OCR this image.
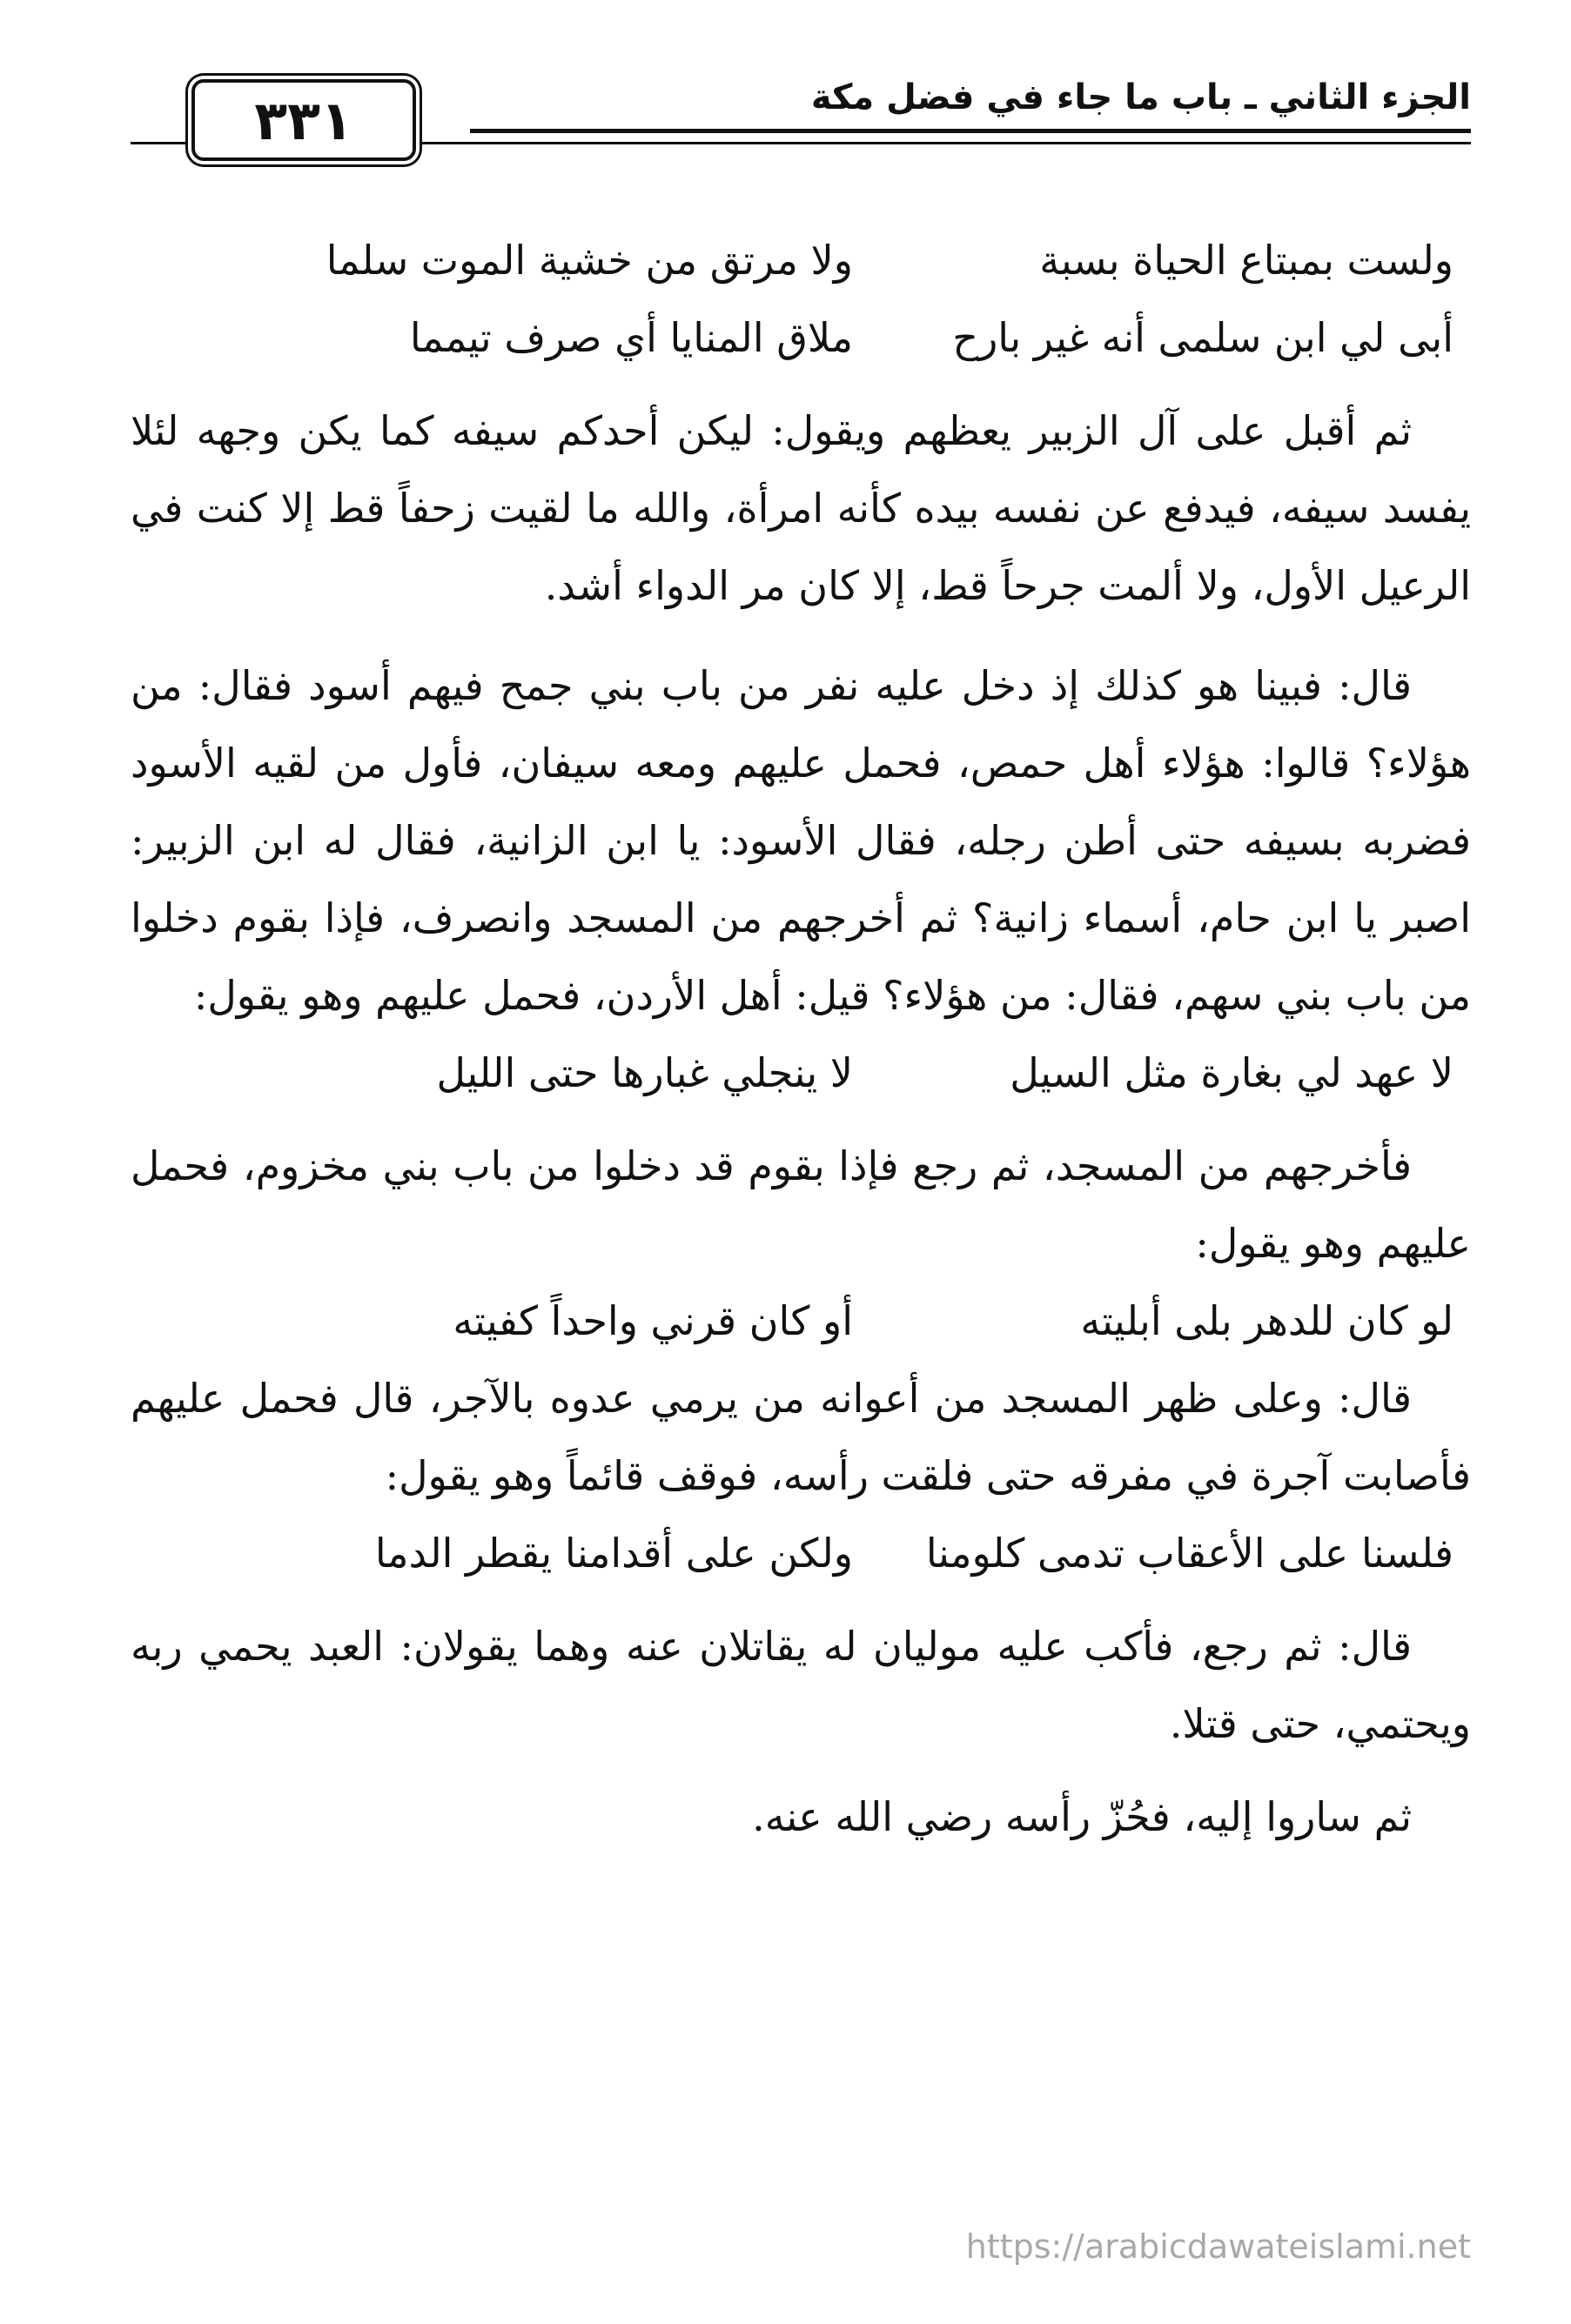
الجزء الثاني ـ باب ما جاء في فضل مكة
٣٣١
ولست بمبتاع الحياة بسبة
ولا مرتق من خشية الموت سلما
أبى لي ابن سلمى أنه غير بارح
ملاق المنايا أي صرف تيمما

ثم أقبل على آل الزبير يعظهم ويقول: ليكن أحدكم سيفه كما يكن وجهه لئلا يفسد سيفه، فيدفع عن نفسه بيده كأنه امرأة، والله ما لقيت زحفاً قط إلا كنت في الرعيل الأول، ولا ألمت جرحاً قط، إلا كان مر الدواء أشد.

قال: فبينا هو كذلك إذ دخل عليه نفر من باب بني جمح فيهم أسود فقال: من هؤلاء؟ قالوا: هؤلاء أهل حمص، فحمل عليهم ومعه سيفان، فأول من لقيه الأسود فضربه بسيفه حتى أطن رجله، فقال الأسود: يا ابن الزانية، فقال له ابن الزبير: اصبر يا ابن حام، أسماء زانية؟ ثم أخرجهم من المسجد وانصرف، فإذا بقوم دخلوا من باب بني سهم، فقال: من هؤلاء؟ قيل: أهل الأردن، فحمل عليهم وهو يقول:

لا عهد لي بغارة مثل السيل
لا ينجلي غبارها حتى الليل

فأخرجهم من المسجد، ثم رجع فإذا بقوم قد دخلوا من باب بني مخزوم، فحمل عليهم وهو يقول:

لو كان للدهر بلى أبليته
أو كان قرني واحداً كفيته

قال: وعلى ظهر المسجد من أعوانه من يرمي عدوه بالآجر، قال فحمل عليهم فأصابت آجرة في مفرقه حتى فلقت رأسه، فوقف قائماً وهو يقول:

فلسنا على الأعقاب تدمى كلومنا
ولكن على أقدامنا يقطر الدما

قال: ثم رجع، فأكب عليه موليان له يقاتلان عنه وهما يقولان: العبد يحمي ربه ويحتمي، حتى قتلا.

ثم ساروا إليه، فحُزّ رأسه رضي الله عنه.

https://arabicdawateislami.net
